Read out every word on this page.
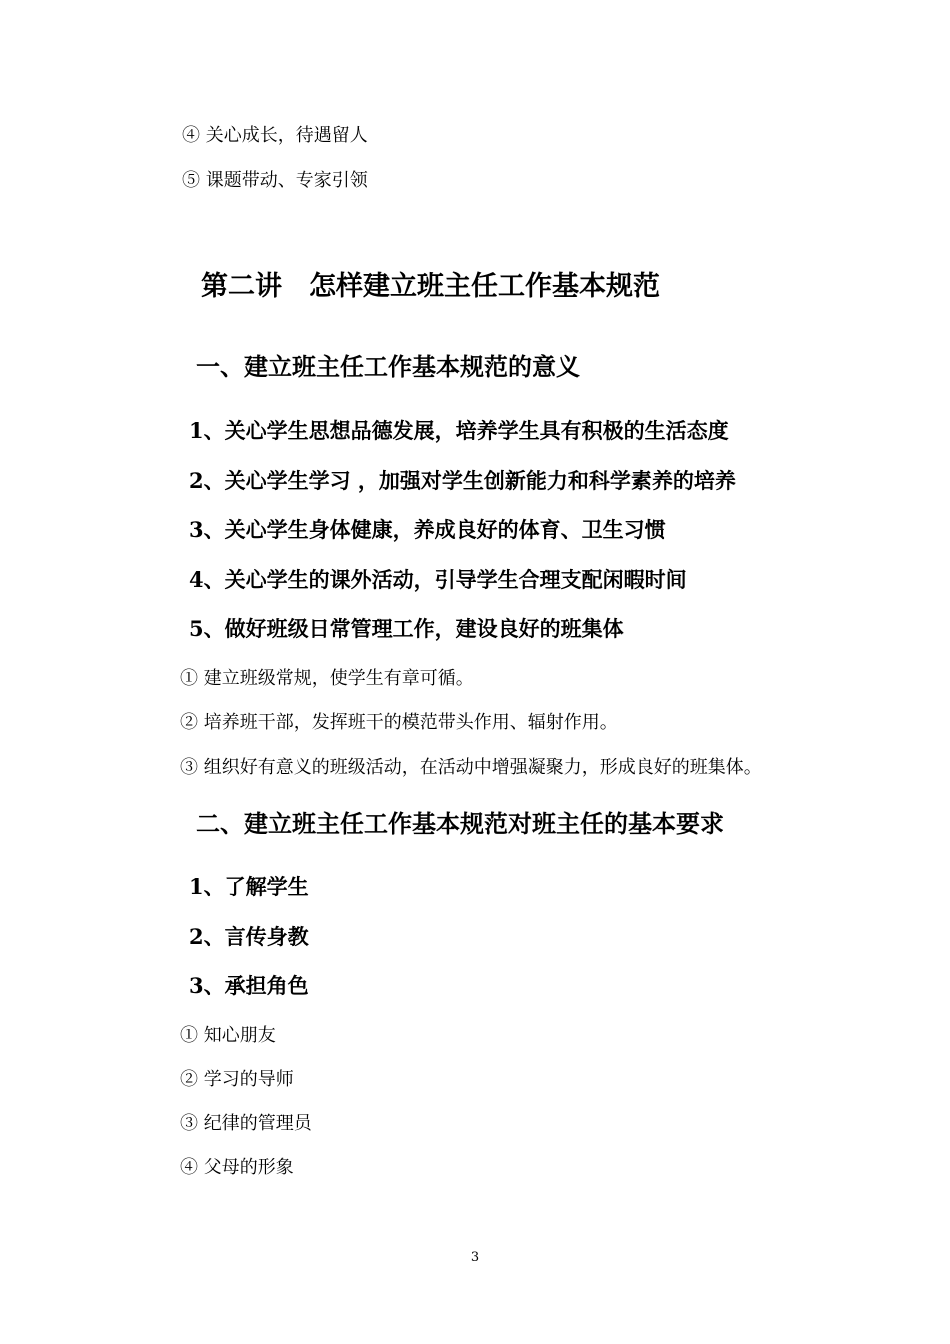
④ 关心成长，待遇留人
⑤ 课题带动、专家引领
第二讲　怎样建立班主任工作基本规范
一、建立班主任工作基本规范的意义
1、关心学生思想品德发展，培养学生具有积极的生活态度
2、关心学生学习 ，加强对学生创新能力和科学素养的培养
3、关心学生身体健康，养成良好的体育、卫生习惯
4、关心学生的课外活动，引导学生合理支配闲暇时间
5、做好班级日常管理工作，建设良好的班集体
① 建立班级常规，使学生有章可循。
② 培养班干部，发挥班干的模范带头作用、辐射作用。
③ 组织好有意义的班级活动，在活动中增强凝聚力，形成良好的班集体。
二、建立班主任工作基本规范对班主任的基本要求
1、了解学生
2、言传身教
3、承担角色
① 知心朋友
② 学习的导师
③ 纪律的管理员
④ 父母的形象
3
